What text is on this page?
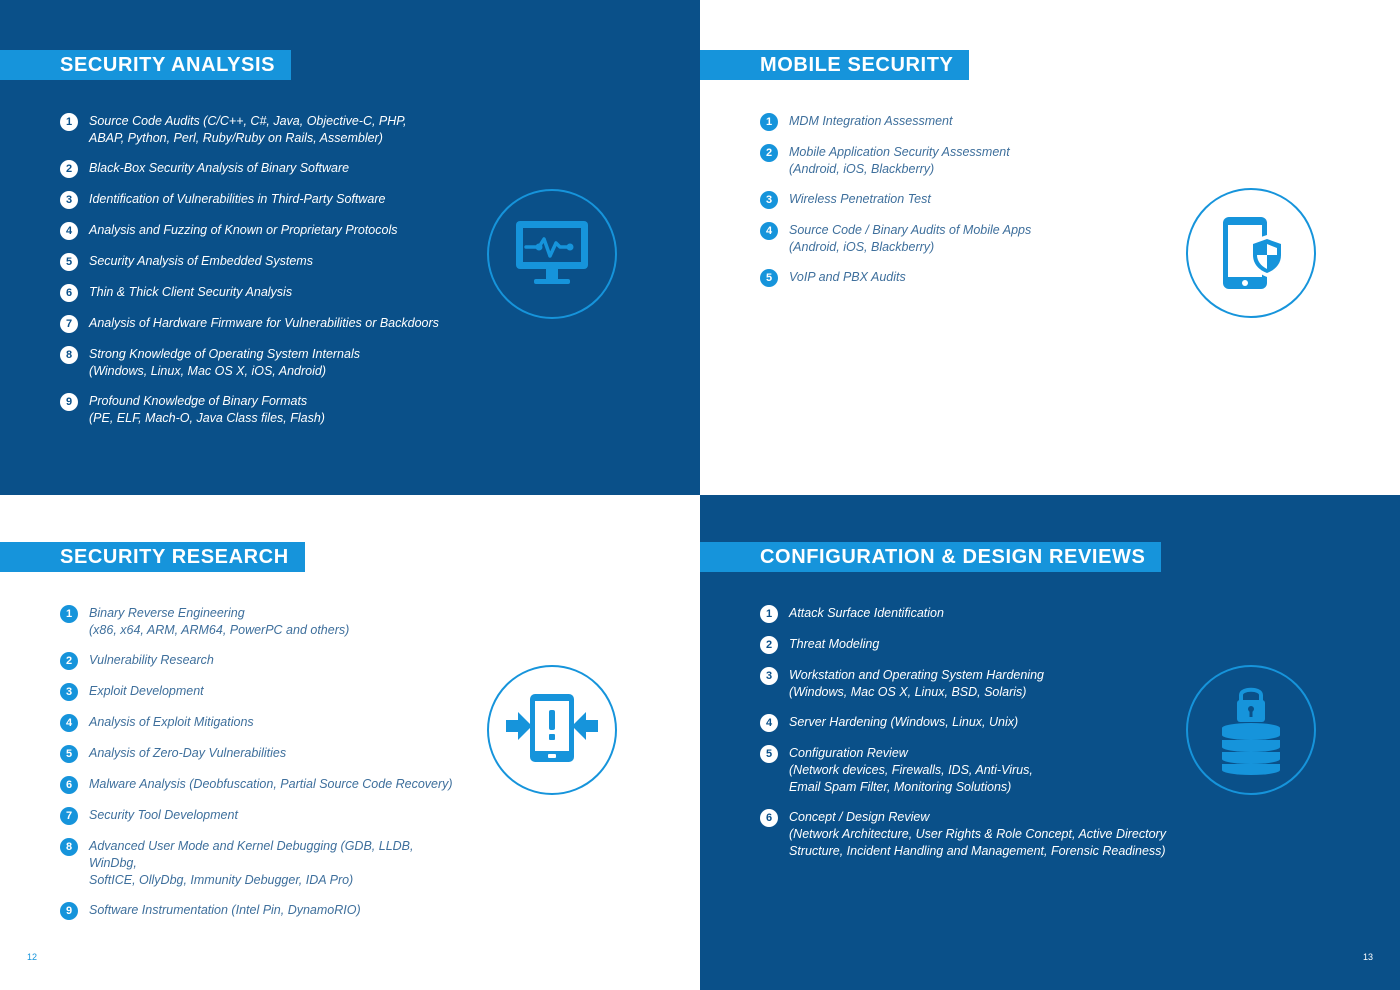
SECURITY ANALYSIS
1	Source Code Audits (C/C++, C#, Java, Objective-C, PHP,
ABAP, Python, Perl, Ruby/Ruby on Rails, Assembler)
2	Black-Box Security Analysis of Binary Software
3	Identification of Vulnerabilities in Third-Party Software
4	Analysis and Fuzzing of Known or Proprietary Protocols
5	Security Analysis of Embedded Systems
6	Thin & Thick Client Security Analysis
7	Analysis of Hardware Firmware for Vulnerabilities or Backdoors
8	Strong Knowledge of Operating System Internals
(Windows, Linux, Mac OS X, iOS, Android)
9	Profound Knowledge of Binary Formats
(PE, ELF, Mach-O, Java Class files, Flash)
MOBILE SECURITY
1	MDM Integration Assessment
2	Mobile Application Security Assessment
(Android, iOS, Blackberry)
3	Wireless Penetration Test
4	Source Code / Binary Audits of Mobile Apps
(Android, iOS, Blackberry)
5	VoIP and PBX Audits
SECURITY RESEARCH
1	Binary Reverse Engineering
(x86, x64, ARM, ARM64, PowerPC and others)
2	Vulnerability Research
3	Exploit Development
4	Analysis of Exploit Mitigations
5	Analysis of Zero-Day Vulnerabilities
6	Malware Analysis (Deobfuscation, Partial Source Code Recovery)
7	Security Tool Development
8	Advanced User Mode and Kernel Debugging (GDB, LLDB, WinDbg,
SoftICE, OllyDbg, Immunity Debugger, IDA Pro)
9	Software Instrumentation (Intel Pin, DynamoRIO)
CONFIGURATION & DESIGN REVIEWS
1	Attack Surface Identification
2	Threat Modeling
3	Workstation and Operating System Hardening
(Windows, Mac OS X, Linux, BSD, Solaris)
4	Server Hardening (Windows, Linux, Unix)
5	Configuration Review
(Network devices, Firewalls, IDS, Anti-Virus,
Email Spam Filter, Monitoring Solutions)
6	Concept / Design Review
(Network Architecture, User Rights & Role Concept, Active Directory
Structure, Incident Handling and Management, Forensic Readiness)
12	13
